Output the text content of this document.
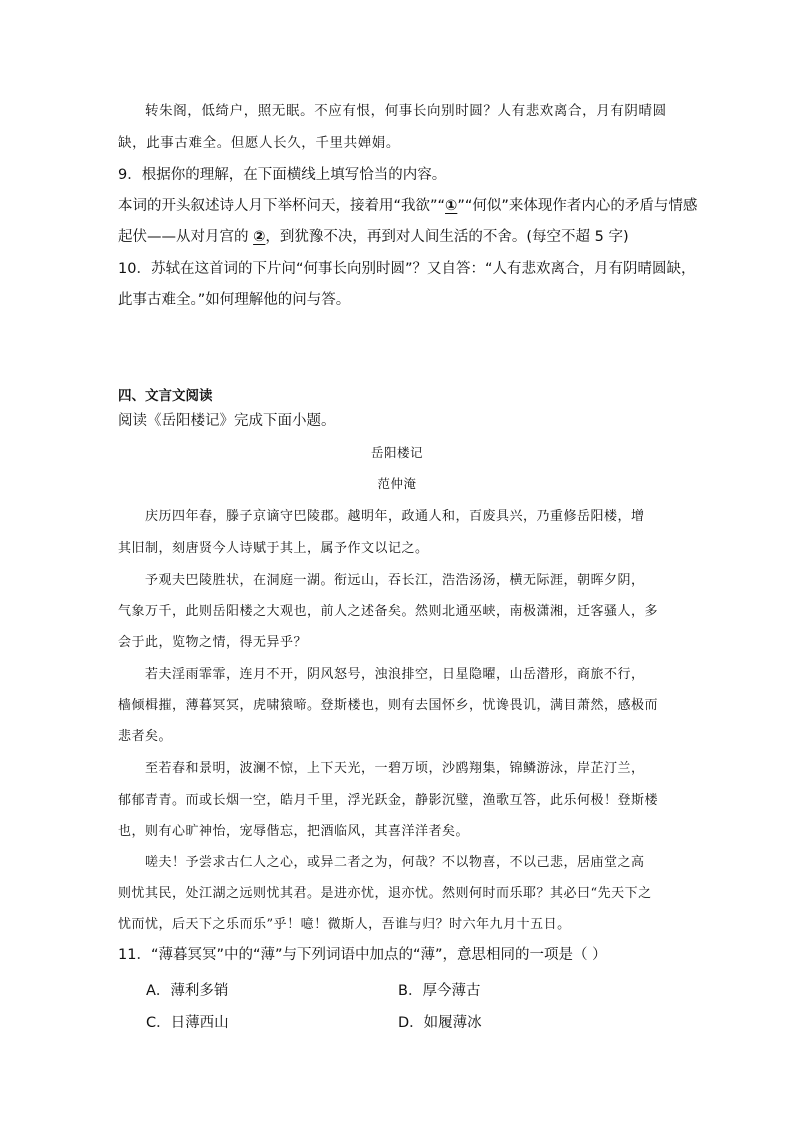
转朱阁，低绮户，照无眠。不应有恨，何事长向别时圆？人有悲欢离合，月有阴晴圆
缺，此事古难全。但愿人长久，千里共婵娟。
9．根据你的理解，在下面横线上填写恰当的内容。
本词的开头叙述诗人月下举杯问天，接着用“我欲”“①”“何似”来体现作者内心的矛盾与情感
起伏——从对月宫的 ②，到犹豫不决，再到对人间生活的不舍。(每空不超 5 字)
10．苏轼在这首词的下片问“何事长向别时圆”？又自答：“人有悲欢离合，月有阴晴圆缺，
此事古难全。”如何理解他的问与答。
四、文言文阅读
阅读《岳阳楼记》完成下面小题。
岳阳楼记
范仲淹
庆历四年春，滕子京谪守巴陵郡。越明年，政通人和，百废具兴，乃重修岳阳楼，增
其旧制，刻唐贤今人诗赋于其上，属予作文以记之。
予观夫巴陵胜状，在洞庭一湖。衔远山，吞长江，浩浩汤汤，横无际涯，朝晖夕阴，
气象万千，此则岳阳楼之大观也，前人之述备矣。然则北通巫峡，南极潇湘，迁客骚人，多
会于此，览物之情，得无异乎？
若夫淫雨霏霏，连月不开，阴风怒号，浊浪排空，日星隐曜，山岳潜形，商旅不行，
樯倾楫摧，薄暮冥冥，虎啸猿啼。登斯楼也，则有去国怀乡，忧谗畏讥，满目萧然，感极而
悲者矣。
至若春和景明，波澜不惊，上下天光，一碧万顷，沙鸥翔集，锦鳞游泳，岸芷汀兰，
郁郁青青。而或长烟一空，皓月千里，浮光跃金，静影沉璧，渔歌互答，此乐何极！登斯楼
也，则有心旷神怡，宠辱偕忘，把酒临风，其喜洋洋者矣。
嗟夫！予尝求古仁人之心，或异二者之为，何哉？不以物喜，不以己悲，居庙堂之高
则忧其民，处江湖之远则忧其君。是进亦忧，退亦忧。然则何时而乐耶？其必曰“先天下之
忧而忧，后天下之乐而乐”乎！噫！微斯人，吾谁与归？时六年九月十五日。
11．“薄暮冥冥”中的“薄”与下列词语中加点的“薄”，意思相同的一项是（ ）
A．薄利多销	B．厚今薄古
C．日薄西山	D．如履薄冰
